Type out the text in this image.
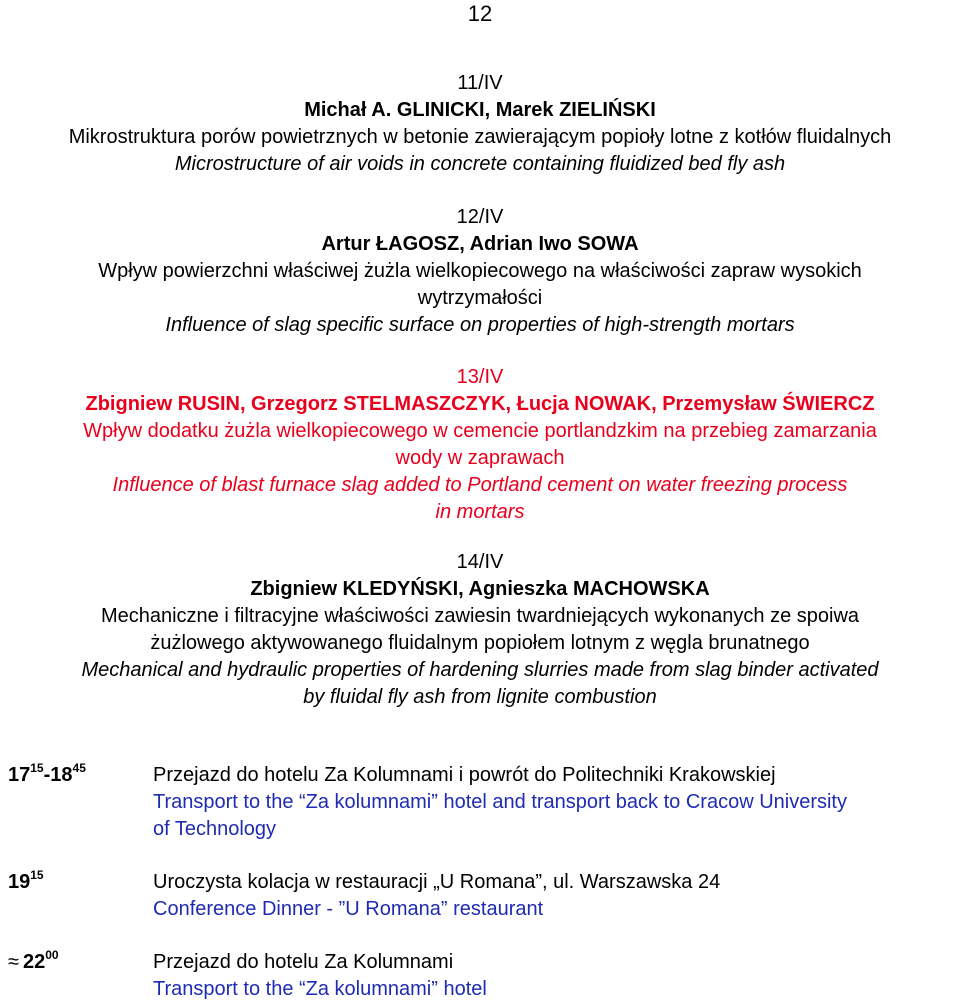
12
11/IV
Michał A. GLINICKI, Marek ZIELIŃSKI
Mikrostruktura porów powietrznych w betonie zawierającym popioły lotne z kotłów fluidalnych
Microstructure of air voids in concrete containing fluidized bed fly ash
12/IV
Artur ŁAGOSZ, Adrian Iwo SOWA
Wpływ powierzchni właściwej żużla wielkopiecowego na właściwości zapraw wysokich
wytrzymałości
Influence of slag specific surface on properties of high-strength mortars
13/IV
Zbigniew RUSIN, Grzegorz STELMASZCZYK, Łucja NOWAK, Przemysław ŚWIERCZ
Wpływ dodatku żużla wielkopiecowego w cemencie portlandzkim na przebieg zamarzania
wody w zaprawach
Influence of blast furnace slag added to Portland cement on water freezing process
in mortars
14/IV
Zbigniew KLEDYŃSKI, Agnieszka MACHOWSKA
Mechaniczne i filtracyjne właściwości zawiesin twardniejących wykonanych ze spoiwa
żużlowego aktywowanego fluidalnym popiołem lotnym z węgla brunatnego
Mechanical and hydraulic properties of hardening slurries made from slag binder activated
by fluidal fly ash from lignite combustion
$17^{15}-18^{45}$	Przejazd do hotelu Za Kolumnami i powrót do Politechniki Krakowskiej
Transport to the “Za kolumnami” hotel and transport back to Cracow University
of Technology
$19^{15}$	Uroczysta kolacja w restauracji „U Romana”, ul. Warszawska 24
Conference Dinner - ”U Romana” restaurant
≈ $22^{00}$	Przejazd do hotelu Za Kolumnami
Transport to the “Za kolumnami” hotel
